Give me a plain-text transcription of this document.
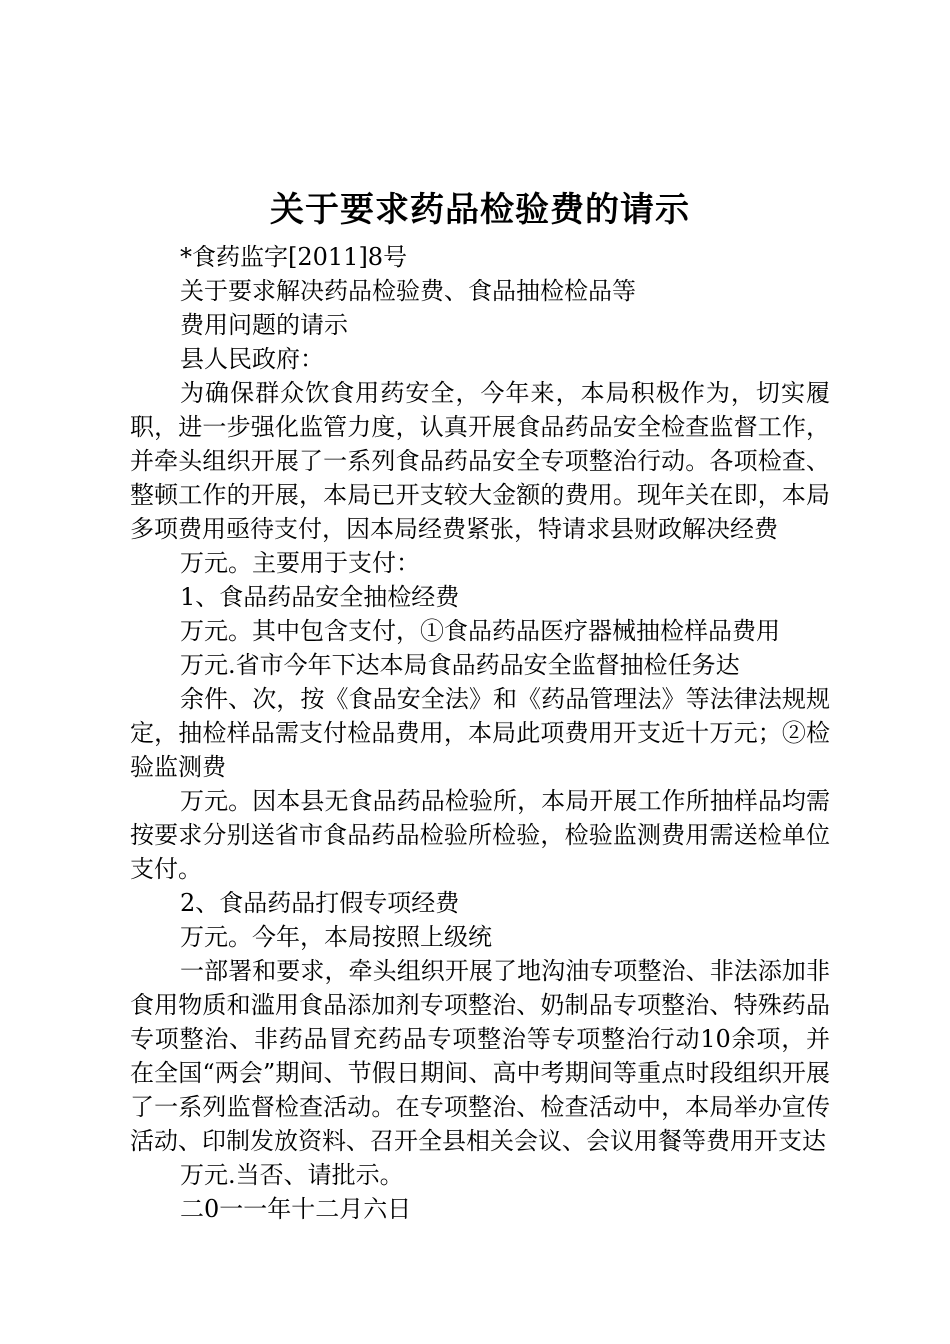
关于要求药品检验费的请示

*食药监字[2011]8号

关于要求解决药品检验费、食品抽检检品等

费用问题的请示

县人民政府：

为确保群众饮食用药安全，今年来，本局积极作为，切实履职，进一步强化监管力度，认真开展食品药品安全检查监督工作，并牵头组织开展了一系列食品药品安全专项整治行动。各项检查、整顿工作的开展，本局已开支较大金额的费用。现年关在即，本局多项费用亟待支付，因本局经费紧张，特请求县财政解决经费

万元。主要用于支付：

1、食品药品安全抽检经费

万元。其中包含支付，①食品药品医疗器械抽检样品费用

万元.省市今年下达本局食品药品安全监督抽检任务达

余件、次，按《食品安全法》和《药品管理法》等法律法规规定，抽检样品需支付检品费用，本局此项费用开支近十万元；②检验监测费

万元。因本县无食品药品检验所，本局开展工作所抽样品均需按要求分别送省市食品药品检验所检验，检验监测费用需送检单位支付。

2、食品药品打假专项经费

万元。今年，本局按照上级统

一部署和要求，牵头组织开展了地沟油专项整治、非法添加非食用物质和滥用食品添加剂专项整治、奶制品专项整治、特殊药品专项整治、非药品冒充药品专项整治等专项整治行动10余项，并在全国“两会”期间、节假日期间、高中考期间等重点时段组织开展了一系列监督检查活动。在专项整治、检查活动中，本局举办宣传活动、印制发放资料、召开全县相关会议、会议用餐等费用开支达

万元.当否、请批示。

二0一一年十二月六日
